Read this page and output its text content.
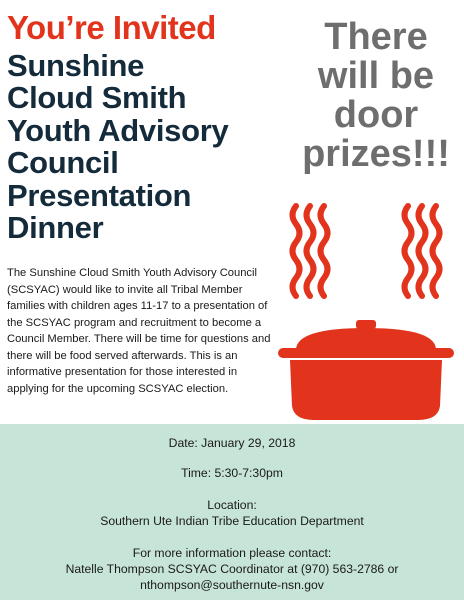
You’re Invited
Sunshine
Cloud Smith
Youth Advisory
Council
Presentation
Dinner
There
will be
door
prizes!!!
The Sunshine Cloud Smith Youth Advisory Council (SCSYAC) would like to invite all Tribal Member families with children ages 11-17 to a presentation of the SCSYAC program and recruitment to become a Council Member. There will be time for questions and there will be food served afterwards. This is an informative presentation for those interested in applying for the upcoming SCSYAC election.
Date: January 29, 2018
Time: 5:30-7:30pm
Location:
Southern Ute Indian Tribe Education Department
For more information please contact:
Natelle Thompson SCSYAC Coordinator at (970) 563-2786 or
nthompson@southernute-nsn.gov
